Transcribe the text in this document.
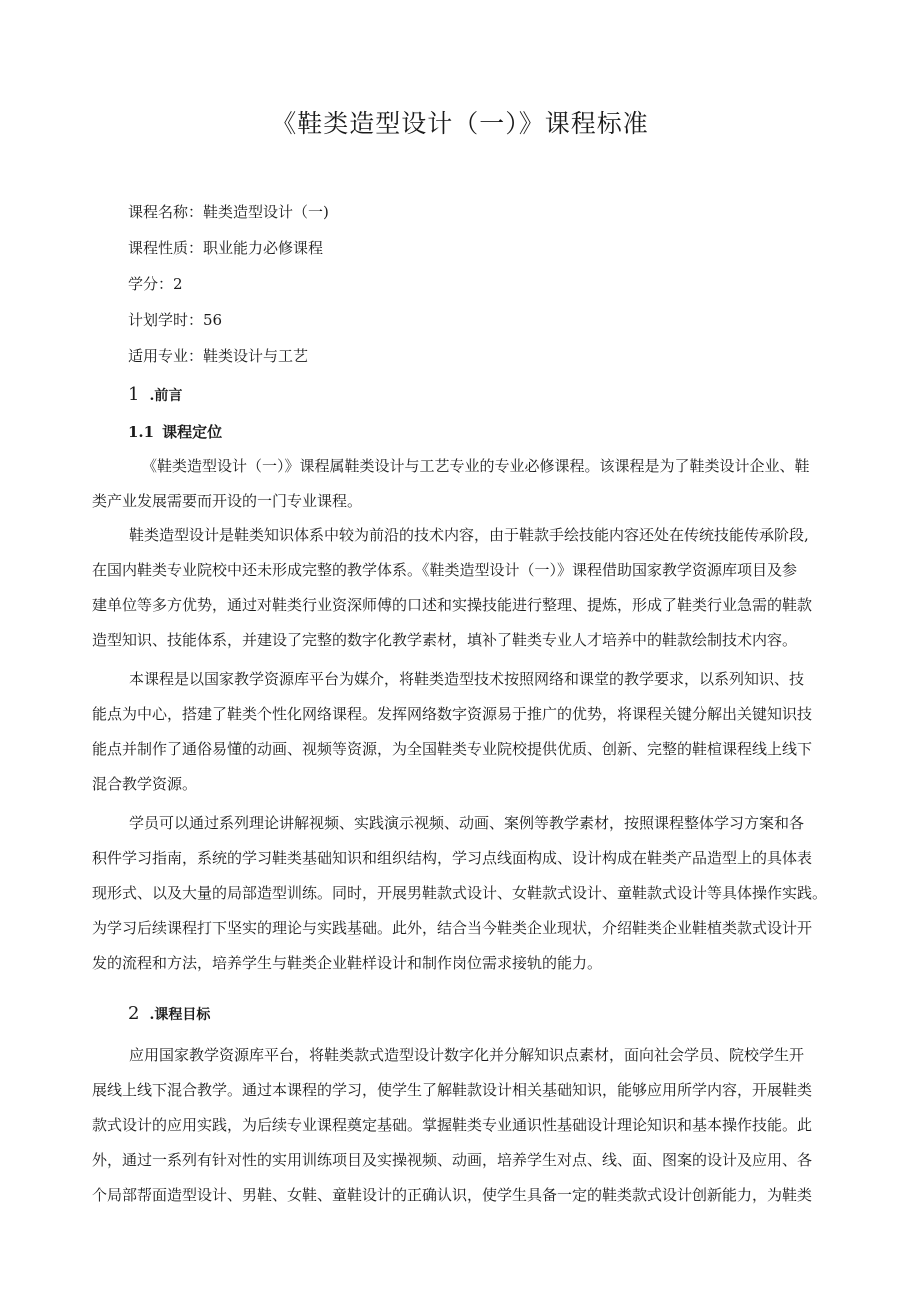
《鞋类造型设计（一）》课程标准

课程名称：鞋类造型设计（一)

课程性质：职业能力必修课程

学分：2

计划学时：56

适用专业：鞋类设计与工艺

1 .前言
1.1 课程定位
《鞋类造型设计（一）》课程属鞋类设计与工艺专业的专业必修课程。该课程是为了鞋类设计企业、鞋
类产业发展需要而开设的一门专业课程。
鞋类造型设计是鞋类知识体系中较为前沿的技术内容，由于鞋款手绘技能内容还处在传统技能传承阶段,
在国内鞋类专业院校中还未形成完整的教学体系。《鞋类造型设计（一）》课程借助国家教学资源库项目及参
建单位等多方优势，通过对鞋类行业资深师傅的口述和实操技能进行整理、提炼，形成了鞋类行业急需的鞋款
造型知识、技能体系，并建设了完整的数字化教学素材，填补了鞋类专业人才培养中的鞋款绘制技术内容。
本课程是以国家教学资源库平台为媒介，将鞋类造型技术按照网络和课堂的教学要求，以系列知识、技
能点为中心，搭建了鞋类个性化网络课程。发挥网络数字资源易于推广的优势，将课程关键分解出关键知识技
能点并制作了通俗易懂的动画、视频等资源，为全国鞋类专业院校提供优质、创新、完整的鞋楦课程线上线下
混合教学资源。
学员可以通过系列理论讲解视频、实践演示视频、动画、案例等教学素材，按照课程整体学习方案和各
积件学习指南，系统的学习鞋类基础知识和组织结构，学习点线面构成、设计构成在鞋类产品造型上的具体表
现形式、以及大量的局部造型训练。同时，开展男鞋款式设计、女鞋款式设计、童鞋款式设计等具体操作实践。
为学习后续课程打下坚实的理论与实践基础。此外，结合当今鞋类企业现状，介绍鞋类企业鞋植类款式设计开
发的流程和方法，培养学生与鞋类企业鞋样设计和制作岗位需求接轨的能力。
2 .课程目标
应用国家教学资源库平台，将鞋类款式造型设计数字化并分解知识点素材，面向社会学员、院校学生开
展线上线下混合教学。通过本课程的学习，使学生了解鞋款设计相关基础知识，能够应用所学内容，开展鞋类
款式设计的应用实践，为后续专业课程奠定基础。掌握鞋类专业通识性基础设计理论知识和基本操作技能。此
外，通过一系列有针对性的实用训练项目及实操视频、动画，培养学生对点、线、面、图案的设计及应用、各
个局部帮面造型设计、男鞋、女鞋、童鞋设计的正确认识，使学生具备一定的鞋类款式设计创新能力，为鞋类
